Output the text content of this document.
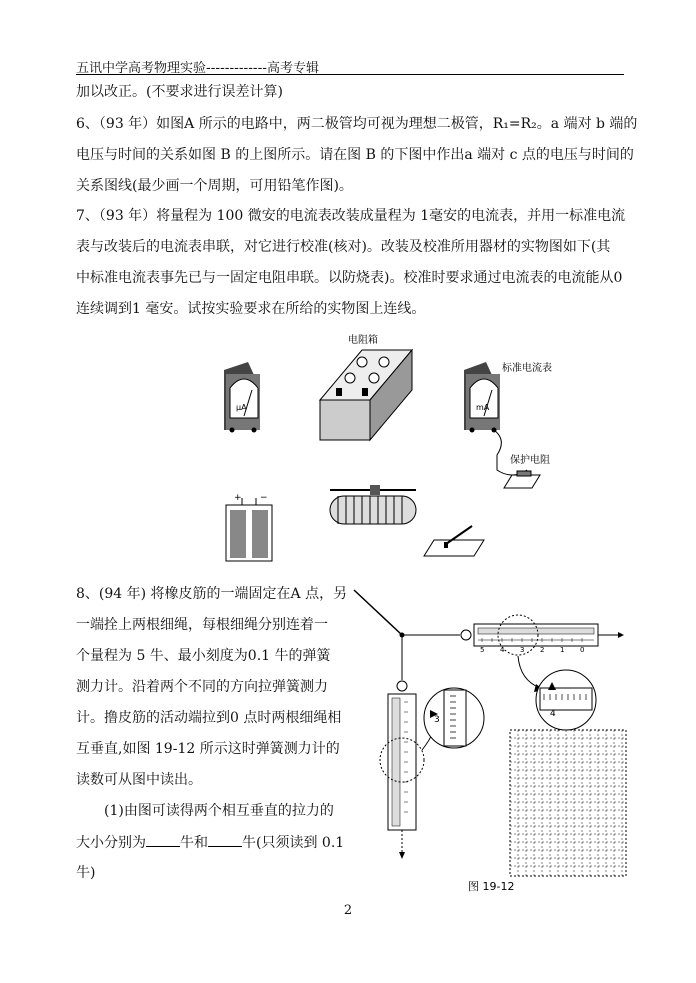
五讯中学高考物理实验-------------高考专辑
加以改正。(不要求进行误差计算)
6、（93 年）如图A 所示的电路中，两二极管均可视为理想二极管，R₁=R₂。a 端对 b 端的
电压与时间的关系如图 B 的上图所示。请在图 B 的下图中作出a 端对 c 点的电压与时间的
关系图线(最少画一个周期，可用铅笔作图)。
7、（93 年）将量程为 100 微安的电流表改装成量程为 1毫安的电流表，并用一标准电流
表与改装后的电流表串联，对它进行校准(核对)。改装及校准所用器材的实物图如下(其
中标准电流表事先已与一固定电阻串联。以防烧表)。校准时要求通过电流表的电流能从0
连续调到1 毫安。试按实验要求在所给的实物图上连线。
μA
电阻箱
标准电流表
mA
保护电阻
+ −
8、(94 年) 将橡皮筋的一端固定在A 点，另
一端拴上两根细绳，每根细绳分别连着一
个量程为 5 牛、最小刻度为0.1 牛的弹簧
测力计。沿着两个不同的方向拉弹簧测力
计。撸皮筋的活动端拉到0 点时两根细绳相
互垂直,如图 19-12 所示这时弹簧测力计的
读数可从图中读出。
(1)由图可读得两个相互垂直的拉力的
大小分别为 牛和 牛(只须读到 0.1
牛)
5 4 3 2 1 0
4
3
图 19-12
2
